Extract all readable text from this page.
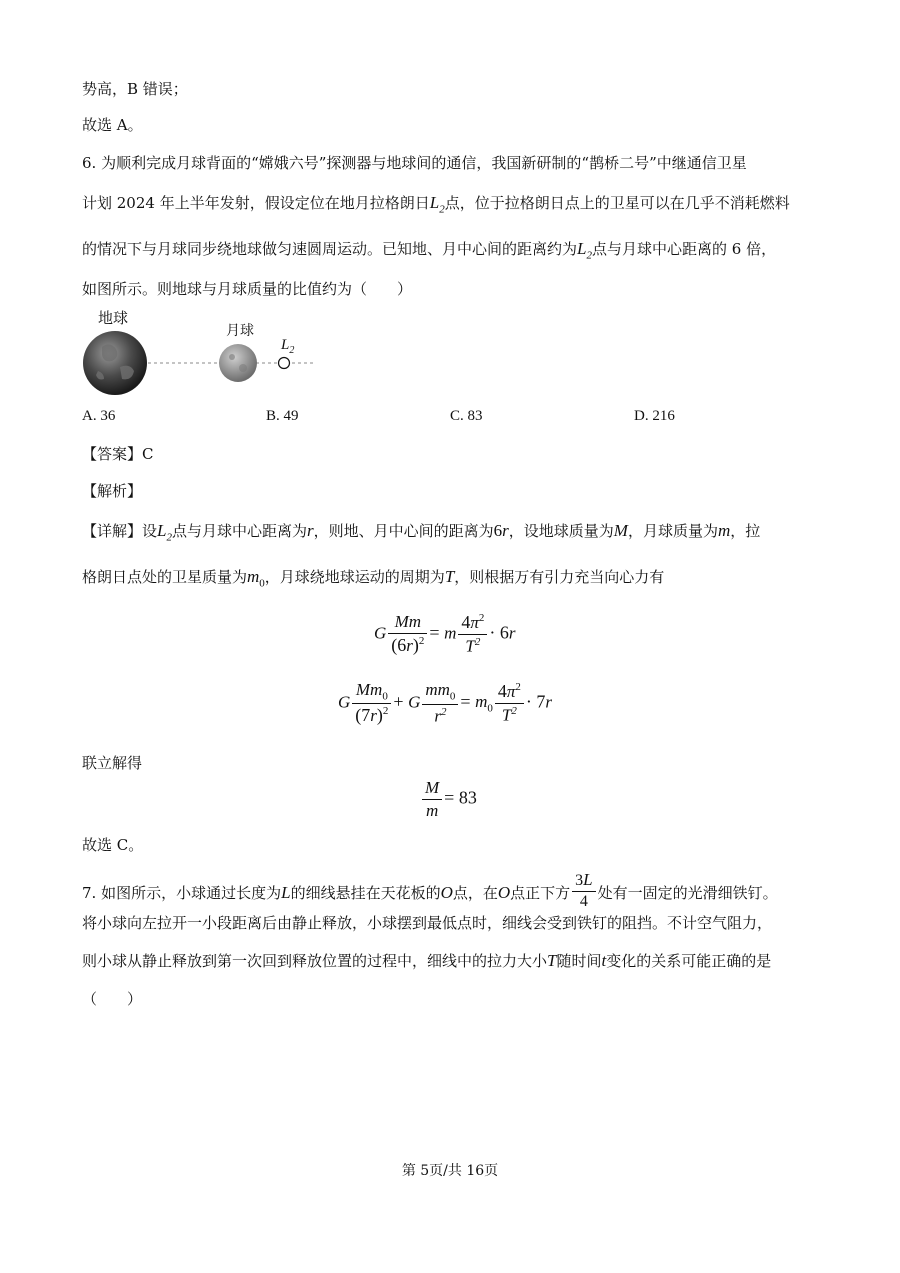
势高，B 错误；
故选 A。
6. 为顺利完成月球背面的“嫦娥六号”探测器与地球间的通信，我国新研制的“鹊桥二号”中继通信卫星
计划 2024 年上半年发射，假设定位在地月拉格朗日$L_2$点，位于拉格朗日点上的卫星可以在几乎不消耗燃料
的情况下与月球同步绕地球做匀速圆周运动。已知地、月中心间的距离约为$L_2$点与月球中心距离的 6 倍，
如图所示。则地球与月球质量的比值约为（　　）
地球
月球
$L_2$
A. 36	B. 49	C. 83	D. 216
【答案】C
【解析】
【详解】设$L_2$点与月球中心距离为r，则地、月中心间的距离为6r，设地球质量为M，月球质量为m，拉
格朗日点处的卫星质量为$m_0$，月球绕地球运动的周期为T，则根据万有引力充当向心力有
G $\frac{Mm}{(6r)^2} = m \frac{4\pi^2}{T^2} \cdot 6r$
G $\frac{Mm_0}{(7r)^2} + G \frac{mm_0}{r^2} = m_0 \frac{4\pi^2}{T^2} \cdot 7r$
联立解得
$\frac{M}{m} = 83$
故选 C。
7. 如图所示，小球通过长度为L的细线悬挂在天花板的O点，在O点正下方 $\frac{3L}{4}$ 处有一固定的光滑细铁钉。
将小球向左拉开一小段距离后由静止释放，小球摆到最低点时，细线会受到铁钉的阻挡。不计空气阻力，
则小球从静止释放到第一次回到释放位置的过程中，细线中的拉力大小T随时间t变化的关系可能正确的是
（　　）
第 5页/共 16页
